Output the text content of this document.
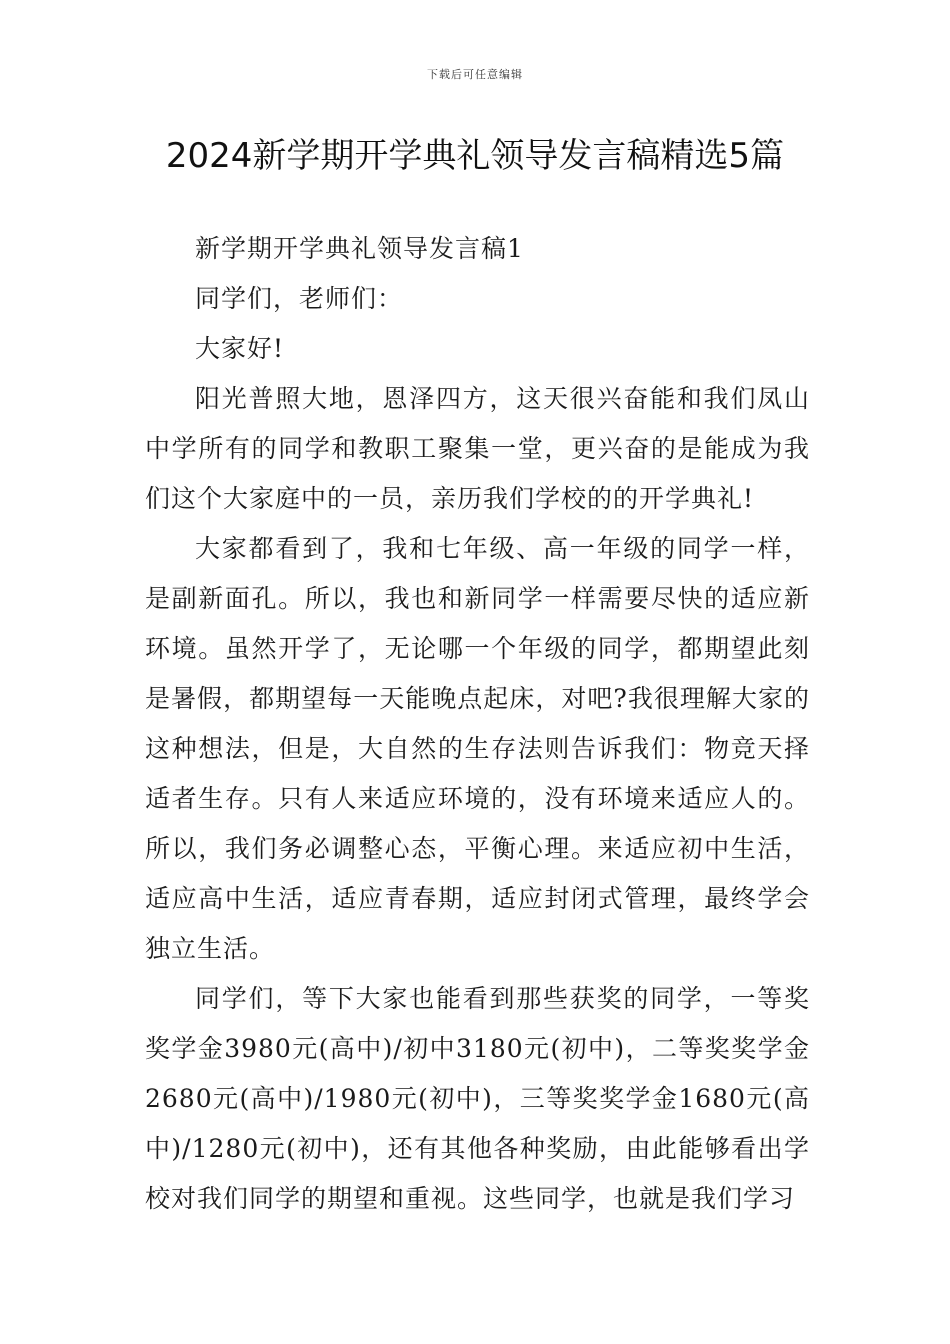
下载后可任意编辑
2024新学期开学典礼领导发言稿精选5篇

新学期开学典礼领导发言稿1

同学们，老师们：

大家好!

阳光普照大地，恩泽四方，这天很兴奋能和我们凤山中学所有的同学和教职工聚集一堂，更兴奋的是能成为我们这个大家庭中的一员，亲历我们学校的的开学典礼!

大家都看到了，我和七年级、高一年级的同学一样，是副新面孔。所以，我也和新同学一样需要尽快的适应新环境。虽然开学了，无论哪一个年级的同学，都期望此刻是暑假，都期望每一天能晚点起床，对吧?我很理解大家的这种想法，但是，大自然的生存法则告诉我们：物竞天择适者生存。只有人来适应环境的，没有环境来适应人的。所以，我们务必调整心态，平衡心理。来适应初中生活，适应高中生活，适应青春期，适应封闭式管理，最终学会独立生活。

同学们，等下大家也能看到那些获奖的同学，一等奖奖学金3980元(高中)/初中3180元(初中)，二等奖奖学金2680元(高中)/1980元(初中)，三等奖奖学金1680元(高中)/1280元(初中)，还有其他各种奖励，由此能够看出学校对我们同学的期望和重视。这些同学，也就是我们学习
